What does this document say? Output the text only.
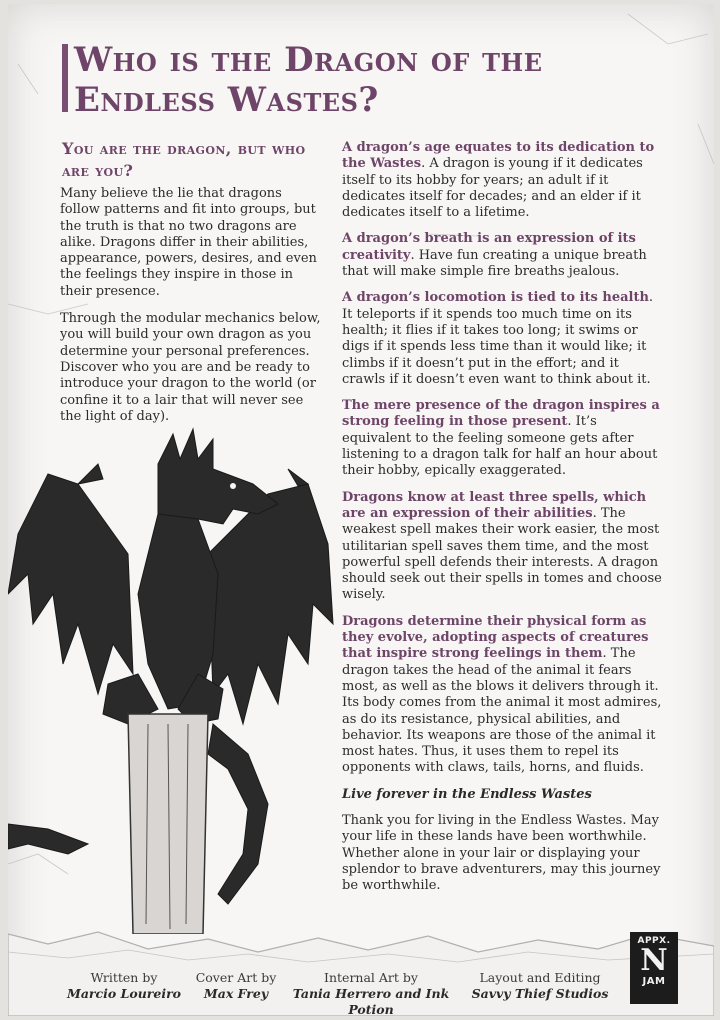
Who is the Dragon of the Endless Wastes?
You are the dragon, but who are you?

Many believe the lie that dragons follow patterns and fit into groups, but the truth is that no two dragons are alike. Dragons differ in their abilities, appearance, powers, desires, and even the feelings they inspire in those in their presence.

Through the modular mechanics below, you will build your own dragon as you determine your personal preferences. Discover who you are and be ready to introduce your dragon to the world (or confine it to a lair that will never see the light of day).

A dragon’s age equates to its dedication to the Wastes. A dragon is young if it dedicates itself to its hobby for years; an adult if it dedicates itself for decades; and an elder if it dedicates itself to a lifetime.

A dragon’s breath is an expression of its creativity. Have fun creating a unique breath that will make simple fire breaths jealous.

A dragon’s locomotion is tied to its health. It teleports if it spends too much time on its health; it flies if it takes too long; it swims or digs if it spends less time than it would like; it climbs if it doesn’t put in the effort; and it crawls if it doesn’t even want to think about it.

The mere presence of the dragon inspires a strong feeling in those present. It’s equivalent to the feeling someone gets after listening to a dragon talk for half an hour about their hobby, epically exaggerated.

Dragons know at least three spells, which are an expression of their abilities. The weakest spell makes their work easier, the most utilitarian spell saves them time, and the most powerful spell defends their interests. A dragon should seek out their spells in tomes and choose wisely.

Dragons determine their physical form as they evolve, adopting aspects of creatures that inspire strong feelings in them. The dragon takes the head of the animal it fears most, as well as the blows it delivers through it. Its body comes from the animal it most admires, as do its resistance, physical abilities, and behavior. Its weapons are those of the animal it most hates. Thus, it uses them to repel its opponents with claws, tails, horns, and fluids.

Live forever in the Endless Wastes

Thank you for living in the Endless Wastes. May your life in these lands have been worthwhile. Whether alone in your lair or displaying your splendor to brave adventurers, may this journey be worthwhile.

Written by
Marcio Loureiro
Cover Art by
Max Frey
Internal Art by
Tania Herrero and Ink Potion
Layout and Editing
Savvy Thief Studios
APPX.
N
JAM
